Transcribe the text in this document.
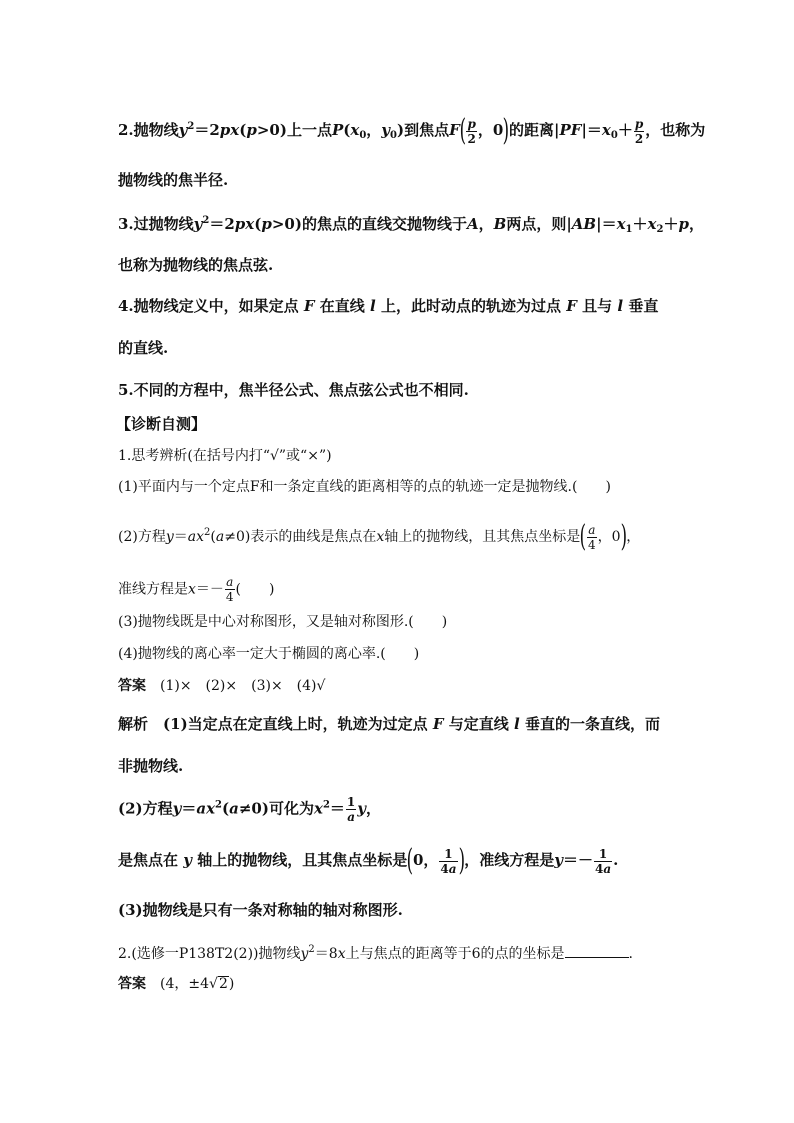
2.抛物线$y^2=2px(p>0)$上一点$P(x_0$，$y_0$)到焦点$F( \frac{p}{2}$ ，0)的距离$|PF|=x_0+ \frac{p}{2}$ ，也称为
抛物线的焦半径.
3.过抛物线$y^2=2px(p>0)$的焦点的直线交抛物线于A，B两点，则$|AB|=x_1+x_2+p$，
也称为抛物线的焦点弦.
4.抛物线定义中，如果定点 F 在直线 l 上，此时动点的轨迹为过点 F 且与 l 垂直
的直线.
5.不同的方程中，焦半径公式、焦点弦公式也不相同.
【诊断自测】
1.思考辨析(在括号内打“√”或“×”)
(1)平面内与一个定点F和一条定直线的距离相等的点的轨迹一定是抛物线.(　　)
(2)方程$y=ax^2(a\ne 0)$表示的曲线是焦点在x轴上的抛物线，且其焦点坐标是( $\frac{a}{4}$ ，0)，
准线方程是$x=- \frac{a}{4}$ (　　)
(3)抛物线既是中心对称图形，又是轴对称图形.(　　)
(4)抛物线的离心率一定大于椭圆的离心率.(　　)
答案　 (1)×　(2)×　(3)×　(4)√
解析　 (1)当定点在定直线上时，轨迹为过定点 F 与定直线 l 垂直的一条直线，而
非抛物线.
(2)方程$y=ax^2(a\ne 0)$可化为$x^2= \frac{1}{a}$ y，
是焦点在 y 轴上的抛物线，且其焦点坐标是(0， $\frac{1}{4a}$ )，准线方程是$y=- \frac{1}{4a}$ .
(3)抛物线是只有一条对称轴的轴对称图形.
2.(选修一P138T2(2))抛物线$y^2=8x$上与焦点的距离等于6的点的坐标是	.
答案　 (4，±4√2)
